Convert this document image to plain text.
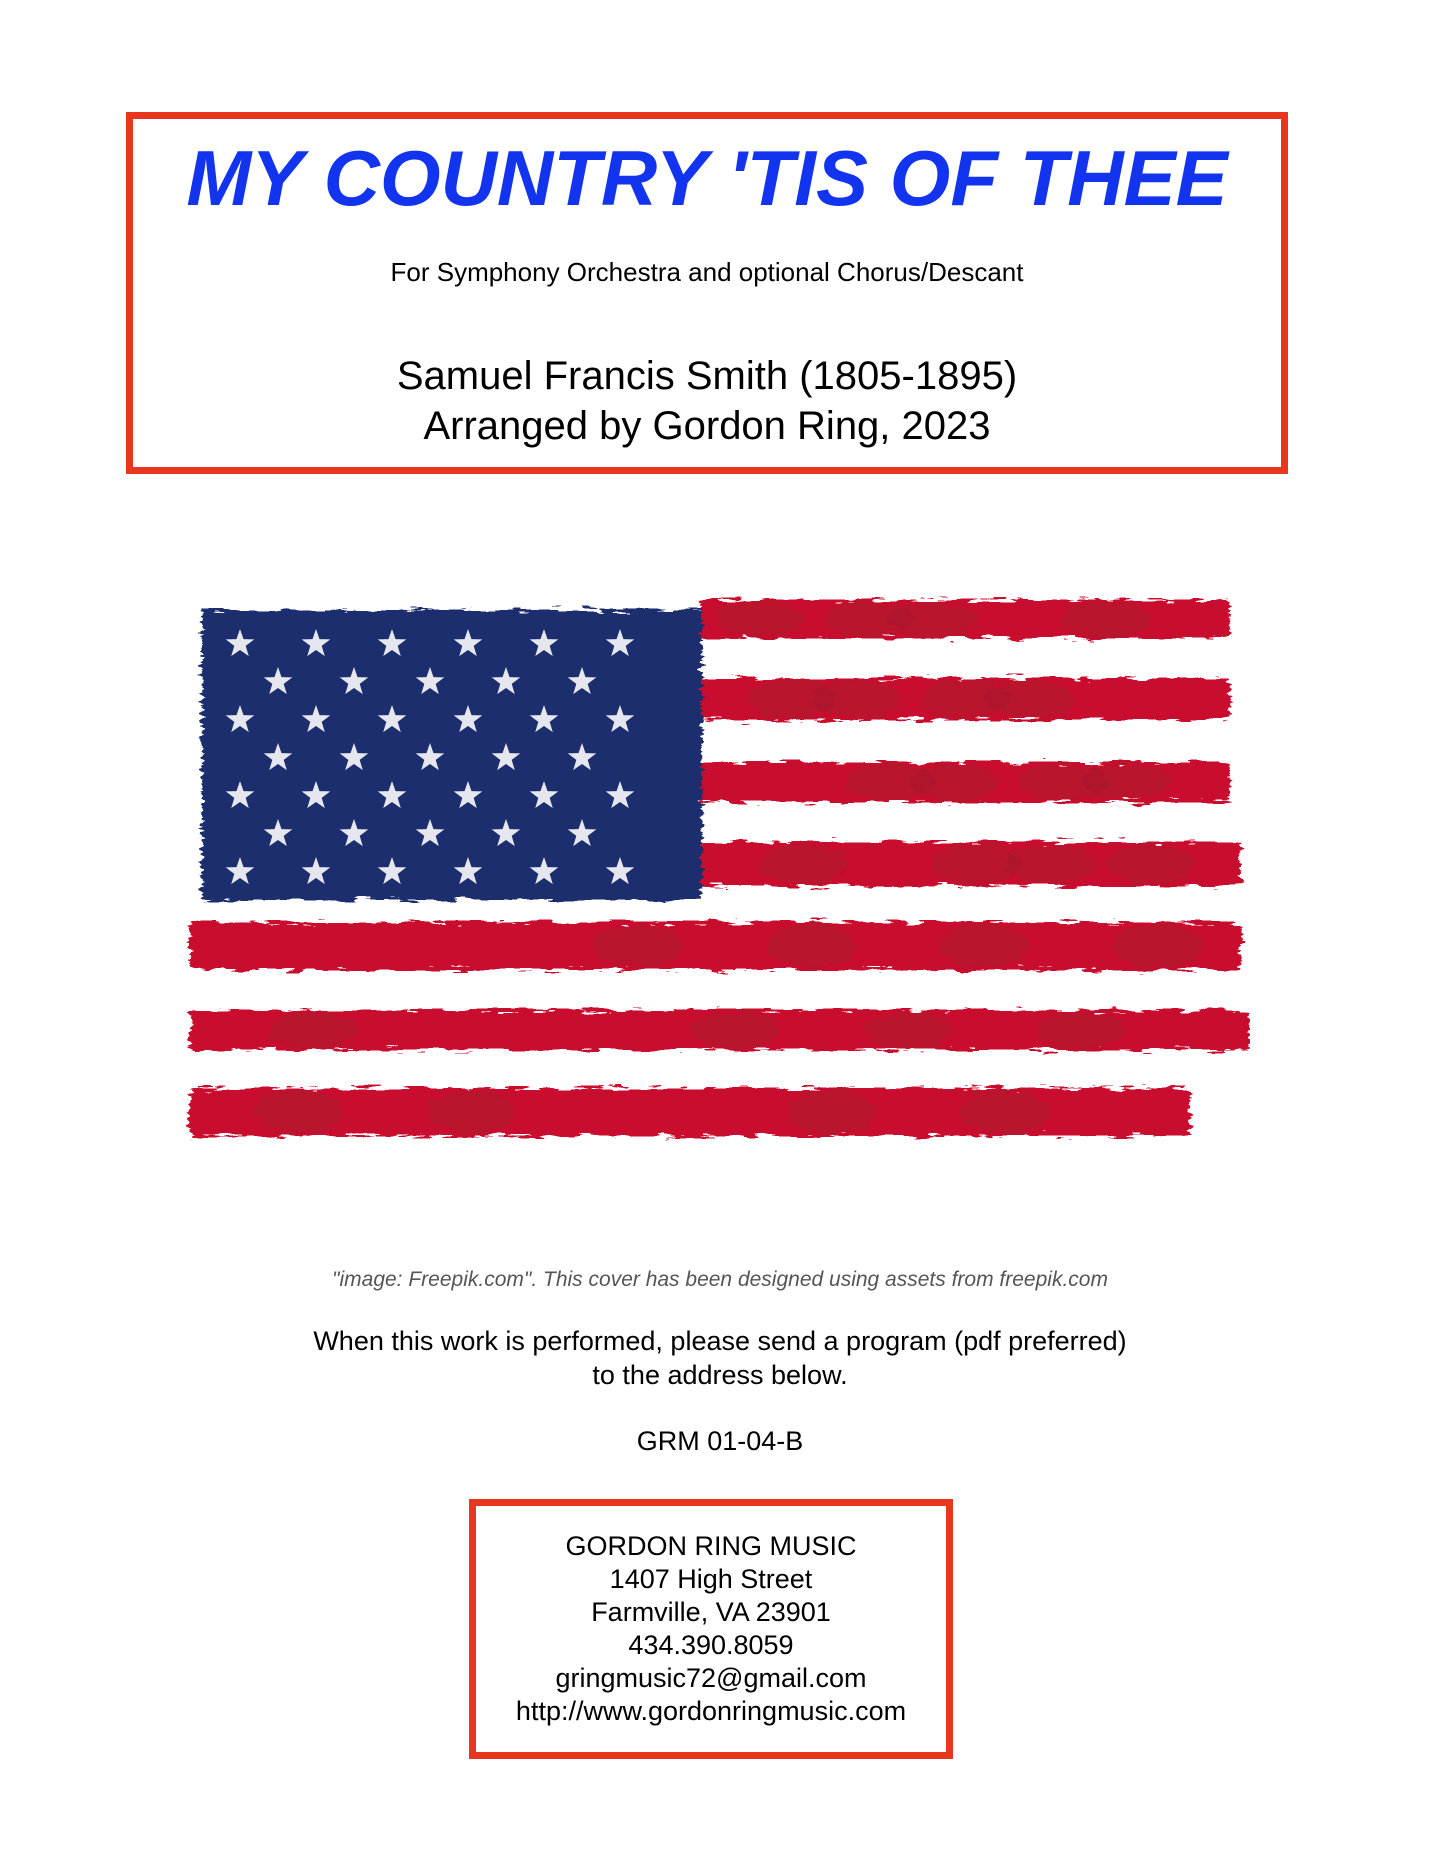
MY COUNTRY 'TIS OF THEE
For Symphony Orchestra and optional Chorus/Descant
Samuel Francis Smith (1805-1895)
Arranged by Gordon Ring, 2023
"image: Freepik.com". This cover has been designed using assets from freepik.com
When this work is performed, please send a program (pdf preferred)
to the address below.
GRM 01-04-B
GORDON RING MUSIC
1407 High Street
Farmville, VA 23901
434.390.8059
gringmusic72@gmail.com
http://www.gordonringmusic.com
